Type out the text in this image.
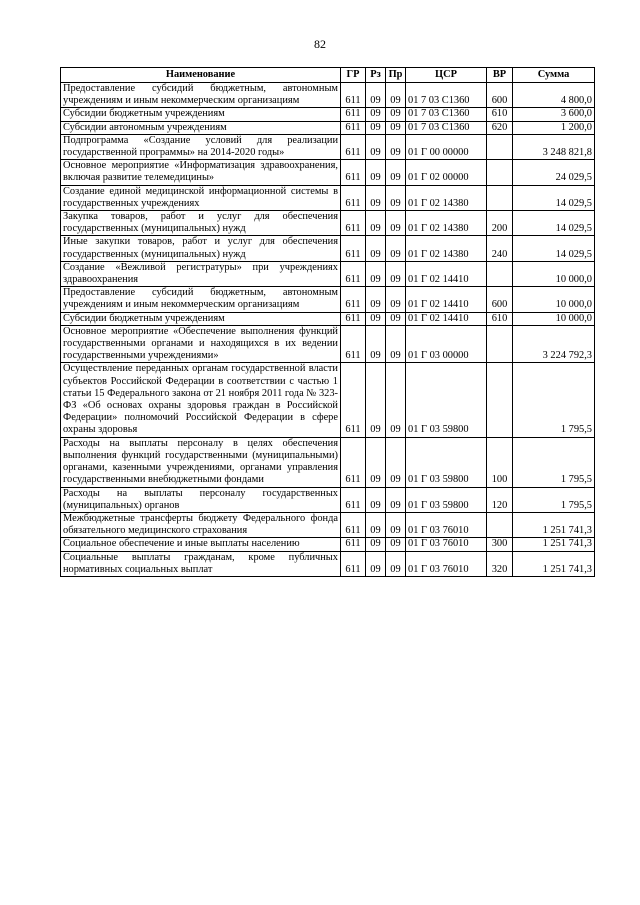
82
Наименование	ГР	Рз	Пр	ЦСР	ВР	Сумма
Предоставление субсидий бюджетным, автономным учреждениям и иным некоммерческим организациям	611	09	09	01 7 03 С1360	600	4 800,0
Субсидии бюджетным учреждениям	611	09	09	01 7 03 С1360	610	3 600,0
Субсидии автономным учреждениям	611	09	09	01 7 03 С1360	620	1 200,0
Подпрограмма «Создание условий для реализации государственной программы» на 2014-2020 годы»	611	09	09	01 Г 00 00000		3 248 821,8
Основное мероприятие «Информатизация здравоохранения, включая развитие телемедицины»	611	09	09	01 Г 02 00000		24 029,5
Создание единой медицинской информационной системы в государственных учреждениях	611	09	09	01 Г 02 14380		14 029,5
Закупка товаров, работ и услуг для обеспечения государственных (муниципальных) нужд	611	09	09	01 Г 02 14380	200	14 029,5
Иные закупки товаров, работ и услуг для обеспечения государственных (муниципальных) нужд	611	09	09	01 Г 02 14380	240	14 029,5
Создание «Вежливой регистратуры» при учреждениях здравоохранения	611	09	09	01 Г 02 14410		10 000,0
Предоставление субсидий бюджетным, автономным учреждениям и иным некоммерческим организациям	611	09	09	01 Г 02 14410	600	10 000,0
Субсидии бюджетным учреждениям	611	09	09	01 Г 02 14410	610	10 000,0
Основное мероприятие «Обеспечение выполнения функций государственными органами и находящихся в их ведении государственными учреждениями»	611	09	09	01 Г 03 00000		3 224 792,3
Осуществление переданных органам государственной власти субъектов Российской Федерации в соответствии с частью 1 статьи 15 Федерального закона от 21 ноября 2011 года № 323-ФЗ «Об основах охраны здоровья граждан в Российской Федерации» полномочий Российской Федерации в сфере охраны здоровья	611	09	09	01 Г 03 59800		1 795,5
Расходы на выплаты персоналу в целях обеспечения выполнения функций государственными (муниципальными) органами, казенными учреждениями, органами управления государственными внебюджетными фондами	611	09	09	01 Г 03 59800	100	1 795,5
Расходы на выплаты персоналу государственных (муниципальных) органов	611	09	09	01 Г 03 59800	120	1 795,5
Межбюджетные трансферты бюджету Федерального фонда обязательного медицинского страхования	611	09	09	01 Г 03 76010		1 251 741,3
Социальное обеспечение и иные выплаты населению	611	09	09	01 Г 03 76010	300	1 251 741,3
Социальные выплаты гражданам, кроме публичных нормативных социальных выплат	611	09	09	01 Г 03 76010	320	1 251 741,3
